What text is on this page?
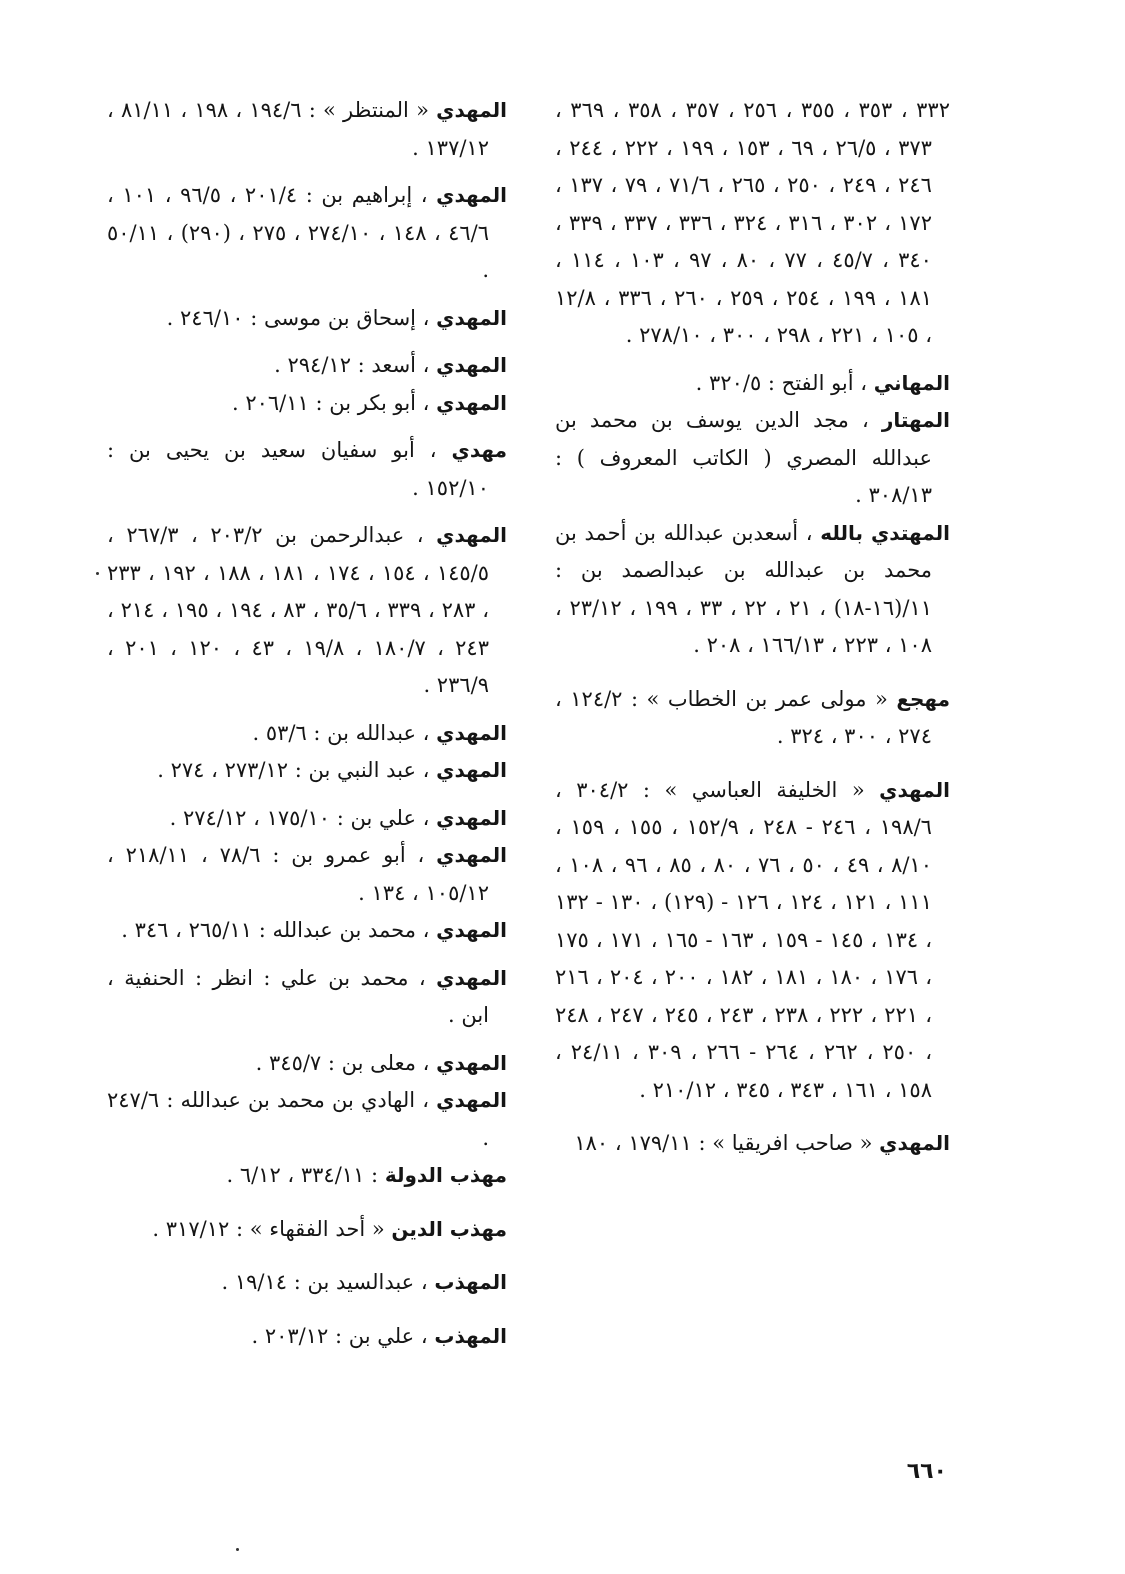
٣٣٢ ، ٣٥٣ ، ٣٥٥ ، ٢٥٦ ، ٣٥٧ ، ٣٥٨ ، ٣٦٩ ، ٣٧٣ ، ٢٦/٥ ، ٦٩ ، ١٥٣ ، ١٩٩ ، ٢٢٢ ، ٢٤٤ ، ٢٤٦ ، ٢٤٩ ، ٢٥٠ ، ٢٦٥ ، ٧١/٦ ، ٧٩ ، ١٣٧ ، ١٧٢ ، ٣٠٢ ، ٣١٦ ، ٣٢٤ ، ٣٣٦ ، ٣٣٧ ، ٣٣٩ ، ٣٤٠ ، ٤٥/٧ ، ٧٧ ، ٨٠ ، ٩٧ ، ١٠٣ ، ١١٤ ، ١٨١ ، ١٩٩ ، ٢٥٤ ، ٢٥٩ ، ٢٦٠ ، ٣٣٦ ، ١٢/٨ ، ١٠٥ ، ٢٢١ ، ٢٩٨ ، ٣٠٠ ، ٢٧٨/١٠ .

المهاني ، أبو الفتح : ٣٢٠/٥ .

المهتار ، مجد الدين يوسف بن محمد بن عبدالله المصري ( الكاتب المعروف ) : ٣٠٨/١٣ .

المهتدي بالله ، أسعدبن عبدالله بن أحمد بن محمد بن عبدالله بن عبدالصمد بن : ١١/(١٦-١٨) ، ٢١ ، ٢٢ ، ٣٣ ، ١٩٩ ، ٢٣/١٢ ، ١٠٨ ، ٢٢٣ ، ١٦٦/١٣ ، ٢٠٨ .

مهجع « مولى عمر بن الخطاب » : ١٢٤/٢ ، ٢٧٤ ، ٣٠٠ ، ٣٢٤ .

المهدي « الخليفة العباسي » : ٣٠٤/٢ ، ١٩٨/٦ ، ٢٤٦ - ٢٤٨ ، ١٥٢/٩ ، ١٥٥ ، ١٥٩ ، ٨/١٠ ، ٤٩ ، ٥٠ ، ٧٦ ، ٨٠ ، ٨٥ ، ٩٦ ، ١٠٨ ، ١١١ ، ١٢١ ، ١٢٤ ، ١٢٦ - (١٢٩) ، ١٣٠ - ١٣٢ ، ١٣٤ ، ١٤٥ - ١٥٩ ، ١٦٣ - ١٦٥ ، ١٧١ ، ١٧٥ ، ١٧٦ ، ١٨٠ ، ١٨١ ، ١٨٢ ، ٢٠٠ ، ٢٠٤ ، ٢١٦ ، ٢٢١ ، ٢٢٢ ، ٢٣٨ ، ٢٤٣ ، ٢٤٥ ، ٢٤٧ ، ٢٤٨ ، ٢٥٠ ، ٢٦٢ ، ٢٦٤ - ٢٦٦ ، ٣٠٩ ، ٢٤/١١ ، ١٥٨ ، ١٦١ ، ٣٤٣ ، ٣٤٥ ، ٢١٠/١٢ .

المهدي « صاحب افريقيا » : ١٧٩/١١ ، ١٨٠

المهدي « المنتظر » : ١٩٤/٦ ، ١٩٨ ، ٨١/١١ ، ١٣٧/١٢ .

المهدي ، إبراهيم بن : ٢٠١/٤ ، ٩٦/٥ ، ١٠١ ، ٤٦/٦ ، ١٤٨ ، ٢٧٤/١٠ ، ٢٧٥ ، (٢٩٠) ، ٥٠/١١ .

المهدي ، إسحاق بن موسى : ٢٤٦/١٠ .

المهدي ، أسعد : ٢٩٤/١٢ .

المهدي ، أبو بكر بن : ٢٠٦/١١ .

مهدي ، أبو سفيان سعيد بن يحيى بن : ١٥٢/١٠ .

المهدي ، عبدالرحمن بن ٢٠٣/٢ ، ٢٦٧/٣ ، ١٤٥/٥ ، ١٥٤ ، ١٧٤ ، ١٨١ ، ١٨٨ ، ١٩٢ ، ٢٣٣ ، ٢٨٣ ، ٣٣٩ ، ٣٥/٦ ، ٨٣ ، ١٩٤ ، ١٩٥ ، ٢١٤ ، ٢٤٣ ، ١٨٠/٧ ، ١٩/٨ ، ٤٣ ، ١٢٠ ، ٢٠١ ، ٢٣٦/٩ .

المهدي ، عبدالله بن : ٥٣/٦ .

المهدي ، عبد النبي بن : ٢٧٣/١٢ ، ٢٧٤ .

المهدي ، علي بن : ١٧٥/١٠ ، ٢٧٤/١٢ .

المهدي ، أبو عمرو بن : ٧٨/٦ ، ٢١٨/١١ ، ١٠٥/١٢ ، ١٣٤ .

المهدي ، محمد بن عبدالله : ٢٦٥/١١ ، ٣٤٦ .

المهدي ، محمد بن علي : انظر : الحنفية ، ابن .

المهدي ، معلى بن : ٣٤٥/٧ .

المهدي ، الهادي بن محمد بن عبدالله : ٢٤٧/٦ .

مهذب الدولة : ٣٣٤/١١ ، ٦/١٢ .

مهذب الدين « أحد الفقهاء » : ٣١٧/١٢ .

المهذب ، عبدالسيد بن : ١٩/١٤ .

المهذب ، علي بن : ٢٠٣/١٢ .

٦٦٠
